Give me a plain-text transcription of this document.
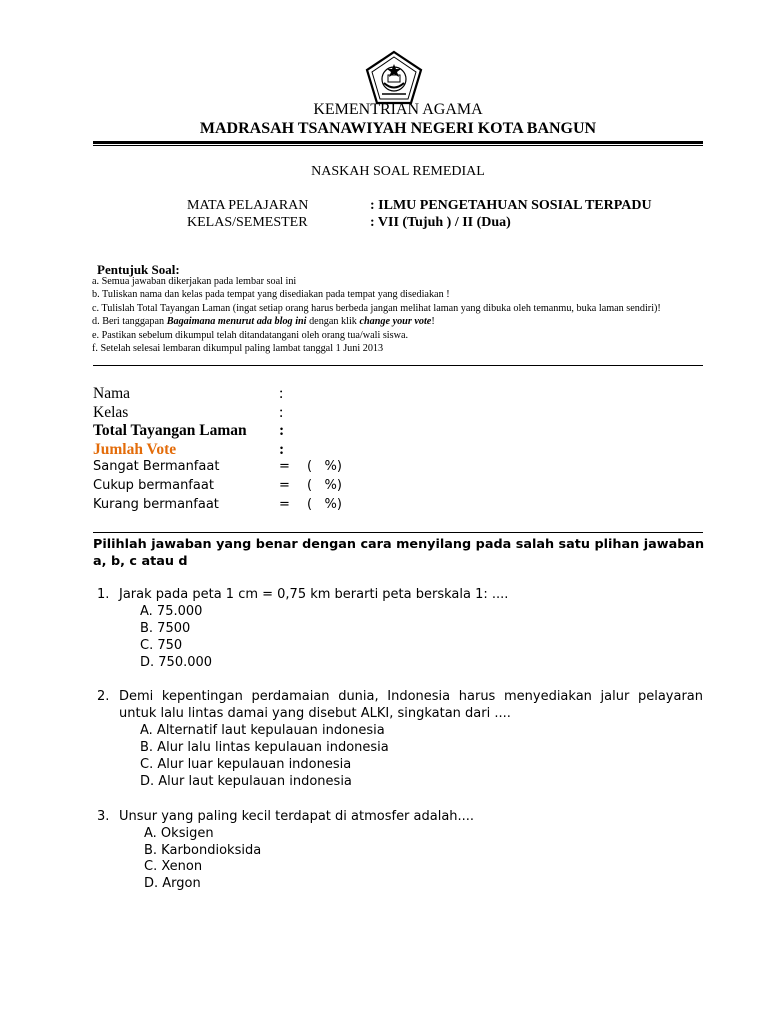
KEMENTRIAN AGAMA
MADRASAH TSANAWIYAH NEGERI KOTA BANGUN
NASKAH SOAL REMEDIAL
MATA PELAJARAN	: ILMU PENGETAHUAN SOSIAL TERPADU
KELAS/SEMESTER	: VII (Tujuh ) / II (Dua)
Pentujuk Soal:
a. Semua jawaban dikerjakan pada lembar soal ini
b. Tuliskan nama dan kelas pada tempat yang disediakan pada tempat yang disediakan !
c. Tulislah Total Tayangan Laman (ingat setiap orang harus berbeda jangan melihat laman yang dibuka oleh temanmu, buka laman sendiri)!
d. Beri tanggapan Bagaimana menurut ada blog ini dengan klik change your vote!
e. Pastikan sebelum dikumpul telah ditandatangani oleh orang tua/wali siswa.
f. Setelah selesai lembaran dikumpul paling lambat tanggal 1 Juni 2013
Nama	:
Kelas	:
Total Tayangan Laman :
Jumlah Vote	:
Sangat Bermanfaat	= (   %)
Cukup bermanfaat	= (   %)
Kurang bermanfaat	= (   %)
Pilihlah jawaban yang benar dengan cara menyilang pada salah satu plihan jawaban a, b, c atau d
1. Jarak pada peta 1 cm = 0,75 km berarti peta berskala 1: ....
A. 75.000
B. 7500
C. 750
D. 750.000
2. Demi kepentingan perdamaian dunia, Indonesia harus menyediakan jalur pelayaran untuk lalu lintas damai yang disebut ALKI, singkatan dari ....
A. Alternatif laut kepulauan indonesia
B. Alur lalu lintas kepulauan indonesia
C. Alur luar kepulauan indonesia
D. Alur laut kepulauan indonesia
3. Unsur yang paling kecil terdapat di atmosfer adalah....
A. Oksigen
B. Karbondioksida
C. Xenon
D. Argon
